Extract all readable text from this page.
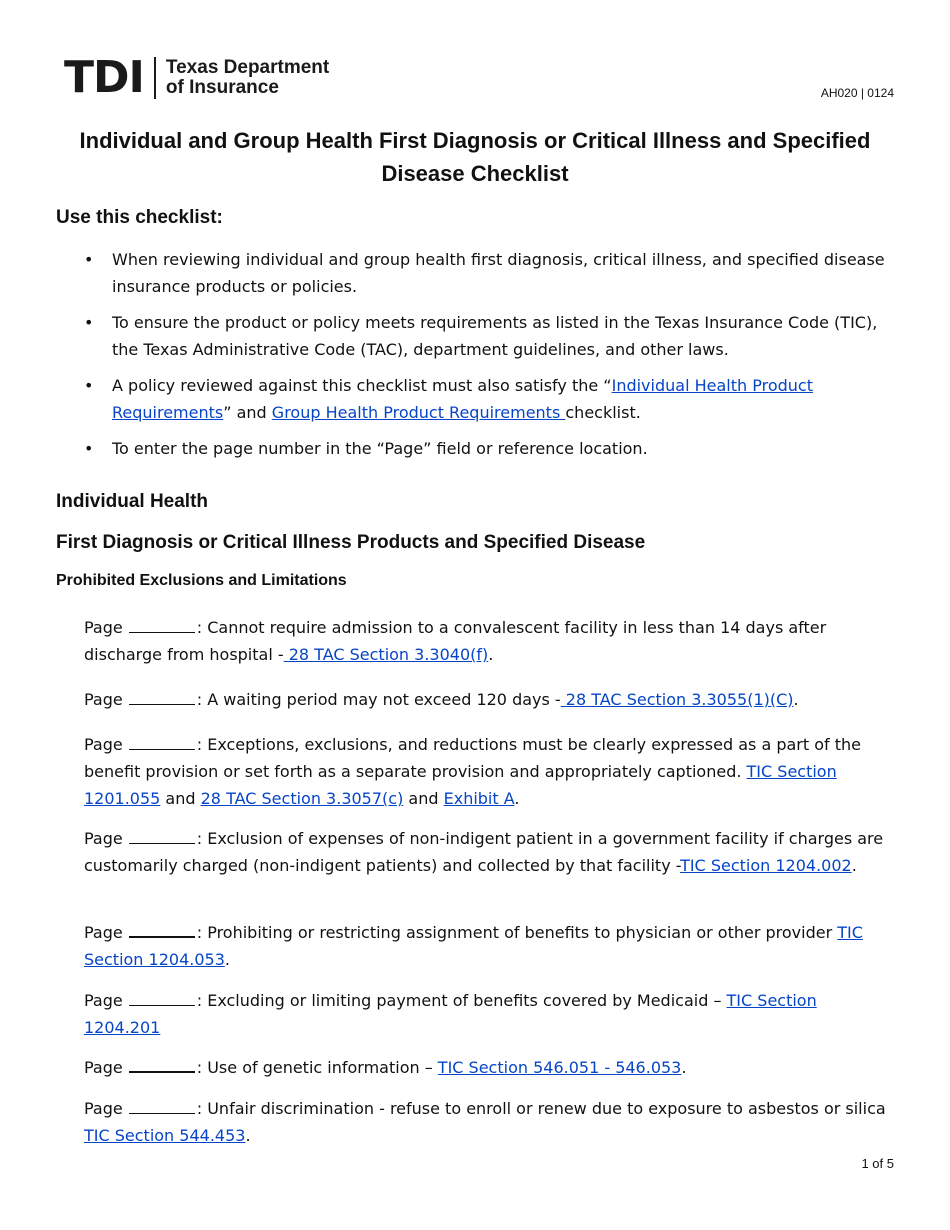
TDI Texas Department
of Insurance	AH020 | 0124
Individual and Group Health First Diagnosis or Critical Illness and Specified Disease Checklist
Use this checklist:
• When reviewing individual and group health first diagnosis, critical illness, and specified disease insurance products or policies.
• To ensure the product or policy meets requirements as listed in the Texas Insurance Code (TIC), the Texas Administrative Code (TAC), department guidelines, and other laws.
• A policy reviewed against this checklist must also satisfy the “Individual Health Product Requirements” and Group Health Product Requirements checklist.
• To enter the page number in the “Page” field or reference location.
Individual Health
First Diagnosis or Critical Illness Products and Specified Disease
Prohibited Exclusions and Limitations
Page	: Cannot require admission to a convalescent facility in less than 14 days after discharge from hospital - 28 TAC Section 3.3040(f).
Page	: A waiting period may not exceed 120 days - 28 TAC Section 3.3055(1)(C).
Page	: Exceptions, exclusions, and reductions must be clearly expressed as a part of the benefit provision or set forth as a separate provision and appropriately captioned. TIC Section 1201.055 and 28 TAC Section 3.3057(c) and Exhibit A.
Page	: Exclusion of expenses of non-indigent patient in a government facility if charges are customarily charged (non-indigent patients) and collected by that facility -TIC Section 1204.002.
Page	: Prohibiting or restricting assignment of benefits to physician or other provider TIC Section 1204.053.
Page	: Excluding or limiting payment of benefits covered by Medicaid – TIC Section 1204.201
Page	: Use of genetic information – TIC Section 546.051 - 546.053.
Page	: Unfair discrimination - refuse to enroll or renew due to exposure to asbestos or silica TIC Section 544.453.
1 of 5
